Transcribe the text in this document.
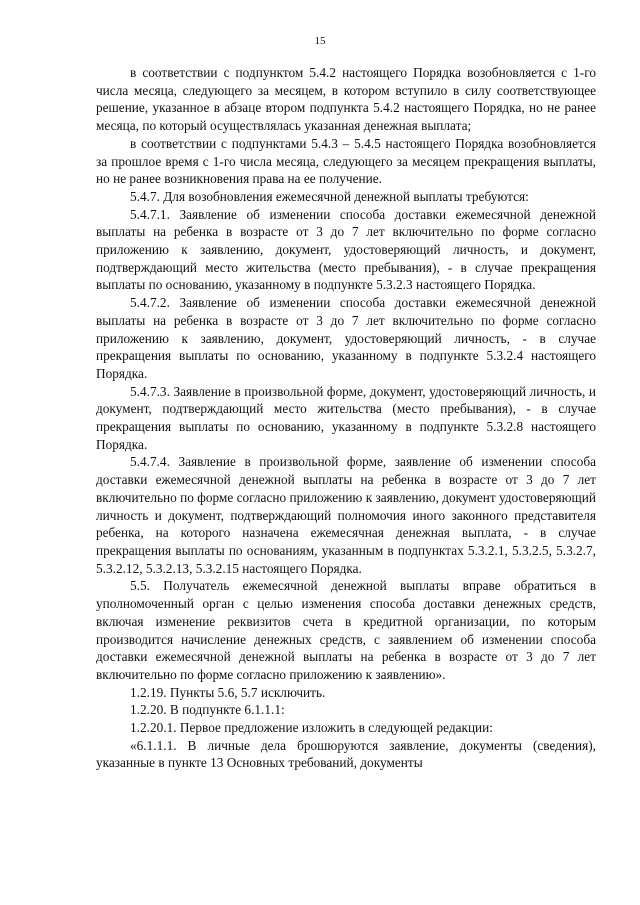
15

в соответствии с подпунктом 5.4.2 настоящего Порядка возобновляется с 1-го числа месяца, следующего за месяцем, в котором вступило в силу соответствующее решение, указанное в абзаце втором подпункта 5.4.2 настоящего Порядка, но не ранее месяца, по который осуществлялась указанная денежная выплата;

в соответствии с подпунктами 5.4.3 – 5.4.5 настоящего Порядка возобновляется за прошлое время с 1-го числа месяца, следующего за месяцем прекращения выплаты, но не ранее возникновения права на ее получение.

5.4.7. Для возобновления ежемесячной денежной выплаты требуются:

5.4.7.1. Заявление об изменении способа доставки ежемесячной денежной выплаты на ребенка в возрасте от 3 до 7 лет включительно по форме согласно приложению к заявлению, документ, удостоверяющий личность, и документ, подтверждающий место жительства (место пребывания), - в случае прекращения выплаты по основанию, указанному в подпункте 5.3.2.3 настоящего Порядка.

5.4.7.2. Заявление об изменении способа доставки ежемесячной денежной выплаты на ребенка в возрасте от 3 до 7 лет включительно по форме согласно приложению к заявлению, документ, удостоверяющий личность, - в случае прекращения выплаты по основанию, указанному в подпункте 5.3.2.4 настоящего Порядка.

5.4.7.3. Заявление в произвольной форме, документ, удостоверяющий личность, и документ, подтверждающий место жительства (место пребывания), - в случае прекращения выплаты по основанию, указанному в подпункте 5.3.2.8 настоящего Порядка.

5.4.7.4. Заявление в произвольной форме, заявление об изменении способа доставки ежемесячной денежной выплаты на ребенка в возрасте от 3 до 7 лет включительно по форме согласно приложению к заявлению, документ удостоверяющий личность и документ, подтверждающий полномочия иного законного представителя ребенка, на которого назначена ежемесячная денежная выплата, - в случае прекращения выплаты по основаниям, указанным в подпунктах 5.3.2.1, 5.3.2.5, 5.3.2.7, 5.3.2.12, 5.3.2.13, 5.3.2.15 настоящего Порядка.

5.5. Получатель ежемесячной денежной выплаты вправе обратиться в уполномоченный орган с целью изменения способа доставки денежных средств, включая изменение реквизитов счета в кредитной организации, по которым производится начисление денежных средств, с заявлением об изменении способа доставки ежемесячной денежной выплаты на ребенка в возрасте от 3 до 7 лет включительно по форме согласно приложению к заявлению».

1.2.19. Пункты 5.6, 5.7 исключить.

1.2.20. В подпункте 6.1.1.1:

1.2.20.1. Первое предложение изложить в следующей редакции:

«6.1.1.1. В личные дела брошюруются заявление, документы (сведения), указанные в пункте 13 Основных требований, документы
